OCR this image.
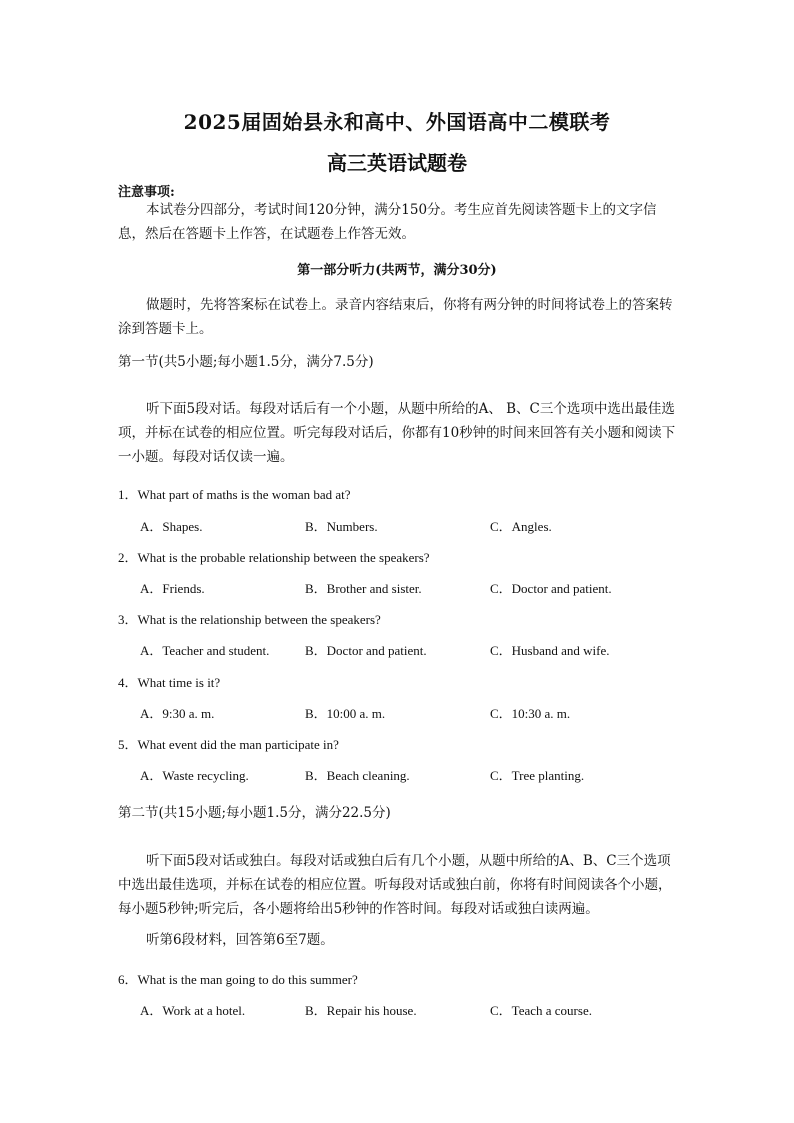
2025届固始县永和高中、外国语高中二模联考
高三英语试题卷
注意事项:
本试卷分四部分，考试时间120分钟，满分150分。考生应首先阅读答题卡上的文字信息，然后在答题卡上作答，在试题卷上作答无效。
第一部分听力(共两节，满分30分)
做题时，先将答案标在试卷上。录音内容结束后，你将有两分钟的时间将试卷上的答案转涂到答题卡上。
第一节(共5小题;每小题1.5分，满分7.5分)
听下面5段对话。每段对话后有一个小题，从题中所给的A、 B、C三个选项中选出最佳选项，并标在试卷的相应位置。听完每段对话后，你都有10秒钟的时间来回答有关小题和阅读下一小题。每段对话仅读一遍。
1．What part of maths is the woman bad at?
A．Shapes.	B．Numbers.	C．Angles.
2．What is the probable relationship between the speakers?
A．Friends.	B．Brother and sister.	C．Doctor and patient.
3．What is the relationship between the speakers?
A．Teacher and student.	B．Doctor and patient.	C．Husband and wife.
4．What time is it?
A．9:30 a. m.	B．10:00 a. m.	C．10:30 a. m.
5．What event did the man participate in?
A．Waste recycling.	B．Beach cleaning.	C．Tree planting.
第二节(共15小题;每小题1.5分，满分22.5分)
听下面5段对话或独白。每段对话或独白后有几个小题，从题中所给的A、B、C三个选项中选出最佳选项，并标在试卷的相应位置。听每段对话或独白前，你将有时间阅读各个小题，每小题5秒钟;听完后，各小题将给出5秒钟的作答时间。每段对话或独白读两遍。
听第6段材料，回答第6至7题。
6．What is the man going to do this summer?
A．Work at a hotel.	B．Repair his house.	C．Teach a course.
